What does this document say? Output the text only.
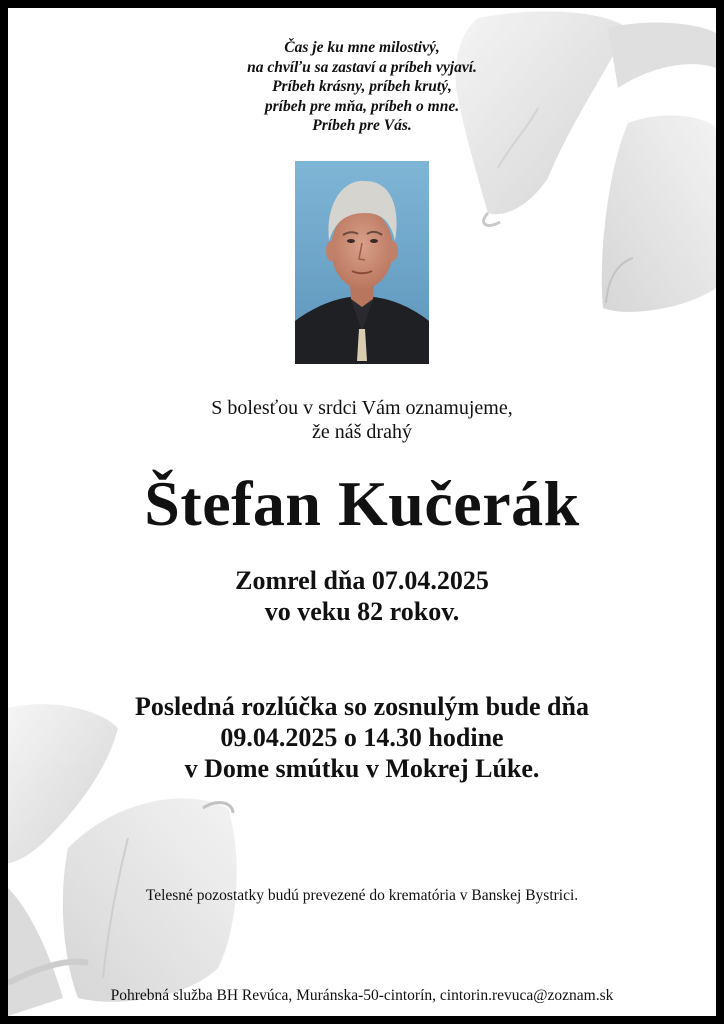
Čas je ku mne milostivý,
na chvíľu sa zastaví a príbeh vyjaví.
Príbeh krásny, príbeh krutý,
príbeh pre mňa, príbeh o mne.
Príbeh pre Vás.
S bolesťou v srdci Vám oznamujeme,
že náš drahý
Štefan Kučerák
Zomrel dňa 07.04.2025
vo veku 82 rokov.
Posledná rozlúčka so zosnulým bude dňa
09.04.2025 o 14.30 hodine
v Dome smútku v Mokrej Lúke.
Telesné pozostatky budú prevezené do krematória v Banskej Bystrici.
Pohrebná služba BH Revúca, Muránska-50-cintorín, cintorin.revuca@zoznam.sk
